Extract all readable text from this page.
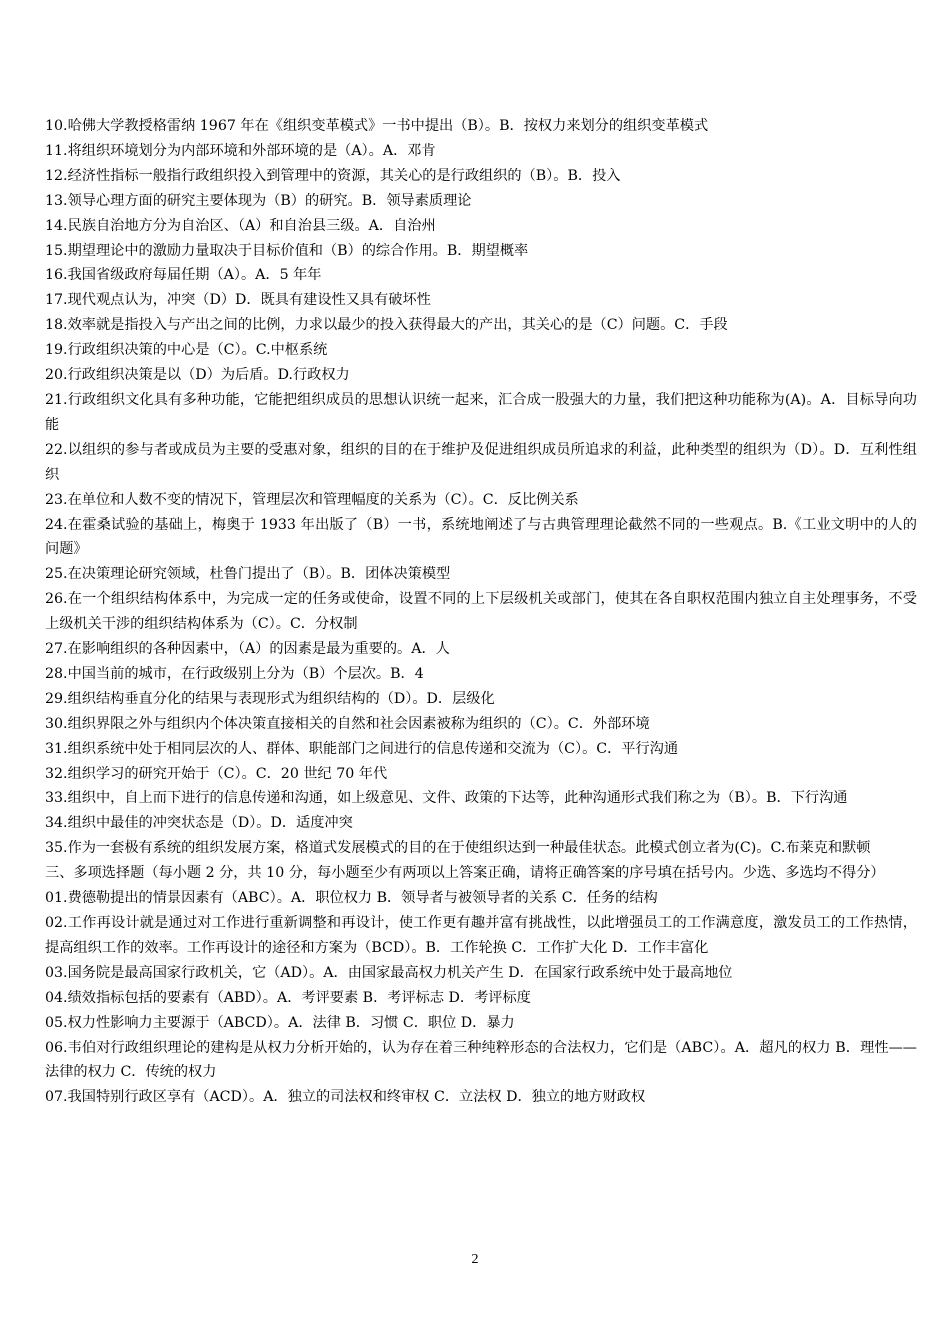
10.哈佛大学教授格雷纳 1967 年在《组织变革模式》一书中提出（B）。B．按权力来划分的组织变革模式

11.将组织环境划分为内部环境和外部环境的是（A）。A．邓肯

12.经济性指标一般指行政组织投入到管理中的资源，其关心的是行政组织的（B）。B．投入

13.领导心理方面的研究主要体现为（B）的研究。B．领导素质理论

14.民族自治地方分为自治区、（A）和自治县三级。A．自治州

15.期望理论中的激励力量取决于目标价值和（B）的综合作用。B．期望概率

16.我国省级政府每届任期（A）。A．5 年年

17.现代观点认为，冲突（D）D．既具有建设性又具有破坏性

18.效率就是指投入与产出之间的比例，力求以最少的投入获得最大的产出，其关心的是（C）问题。C．手段

19.行政组织决策的中心是（C）。C.中枢系统

20.行政组织决策是以（D）为后盾。D.行政权力

21.行政组织文化具有多种功能，它能把组织成员的思想认识统一起来，汇合成一股强大的力量，我们把这种功能称为(A)。A．目标导向功能

22.以组织的参与者或成员为主要的受惠对象，组织的目的在于维护及促进组织成员所追求的利益，此种类型的组织为（D）。D．互利性组织

23.在单位和人数不变的情况下，管理层次和管理幅度的关系为（C）。C．反比例关系

24.在霍桑试验的基础上，梅奥于 1933 年出版了（B）一书，系统地阐述了与古典管理理论截然不同的一些观点。B.《工业文明中的人的问题》

25.在决策理论研究领域，杜鲁门提出了（B）。B．团体决策模型

26.在一个组织结构体系中，为完成一定的任务或使命，设置不同的上下层级机关或部门，使其在各自职权范围内独立自主处理事务，不受上级机关干涉的组织结构体系为（C）。C．分权制

27.在影响组织的各种因素中，（A）的因素是最为重要的。A．人

28.中国当前的城市，在行政级别上分为（B）个层次。B．4

29.组织结构垂直分化的结果与表现形式为组织结构的（D）。D．层级化

30.组织界限之外与组织内个体决策直接相关的自然和社会因素被称为组织的（C）。C．外部环境

31.组织系统中处于相同层次的人、群体、职能部门之间进行的信息传递和交流为（C）。C．平行沟通

32.组织学习的研究开始于（C）。C．20 世纪 70 年代

33.组织中，自上而下进行的信息传递和沟通，如上级意见、文件、政策的下达等，此种沟通形式我们称之为（B）。B．下行沟通

34.组织中最佳的冲突状态是（D）。D．适度冲突

35.作为一套极有系统的组织发展方案，格道式发展模式的目的在于使组织达到一种最佳状态。此模式创立者为(C)。C.布莱克和默顿

三、多项选择题（每小题 2 分，共 10 分，每小题至少有两项以上答案正确，请将正确答案的序号填在括号内。少选、多选均不得分）

01.费德勒提出的情景因素有（ABC）。A．职位权力 B．领导者与被领导者的关系 C．任务的结构

02.工作再设计就是通过对工作进行重新调整和再设计，使工作更有趣并富有挑战性，以此增强员工的工作满意度，激发员工的工作热情，提高组织工作的效率。工作再设计的途径和方案为（BCD）。B．工作轮换 C．工作扩大化 D．工作丰富化

03.国务院是最高国家行政机关，它（AD）。A．由国家最高权力机关产生 D．在国家行政系统中处于最高地位

04.绩效指标包括的要素有（ABD）。A．考评要素 B．考评标志 D．考评标度

05.权力性影响力主要源于（ABCD）。A．法律 B．习惯 C．职位 D．暴力

06.韦伯对行政组织理论的建构是从权力分析开始的，认为存在着三种纯粹形态的合法权力，它们是（ABC）。A．超凡的权力 B．理性——法律的权力 C．传统的权力

07.我国特别行政区享有（ACD）。A．独立的司法权和终审权 C．立法权 D．独立的地方财政权

2
